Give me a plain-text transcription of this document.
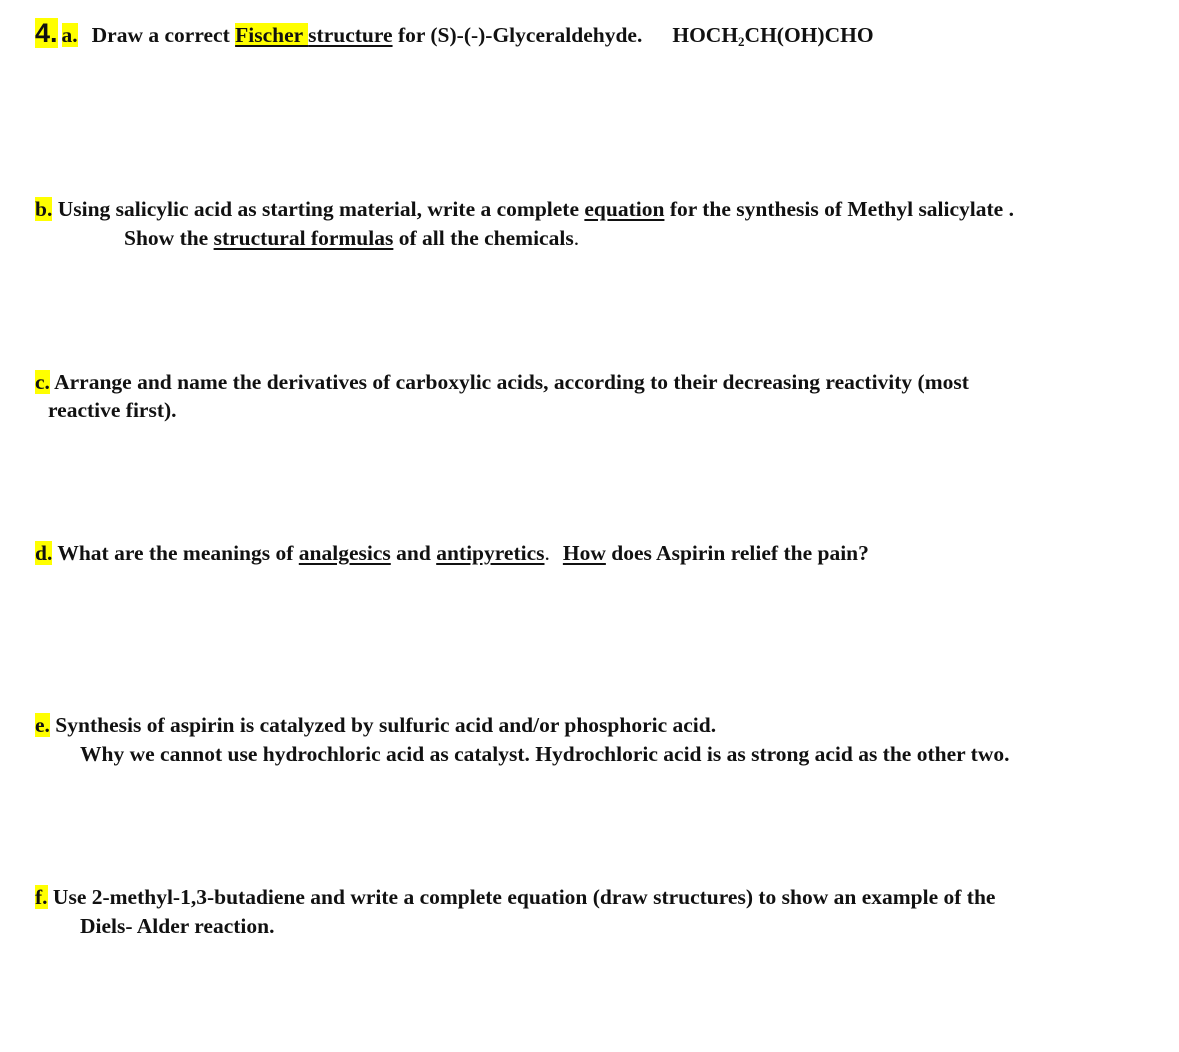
4. a. Draw a correct Fischer structure for (S)-(-)-Glyceraldehyde. $HOCH_2CH(OH)CHO$
b. Using salicylic acid as starting material, write a complete equation for the synthesis of Methyl salicylate .
Show the structural formulas of all the chemicals.
c. Arrange and name the derivatives of carboxylic acids, according to their decreasing reactivity (most
reactive first).
d. What are the meanings of analgesics and antipyretics. How does Aspirin relief the pain?
e. Synthesis of aspirin is catalyzed by sulfuric acid and/or phosphoric acid.
Why we cannot use hydrochloric acid as catalyst. Hydrochloric acid is as strong acid as the other two.
f. Use 2-methyl-1,3-butadiene and write a complete equation (draw structures) to show an example of the
Diels- Alder reaction.
